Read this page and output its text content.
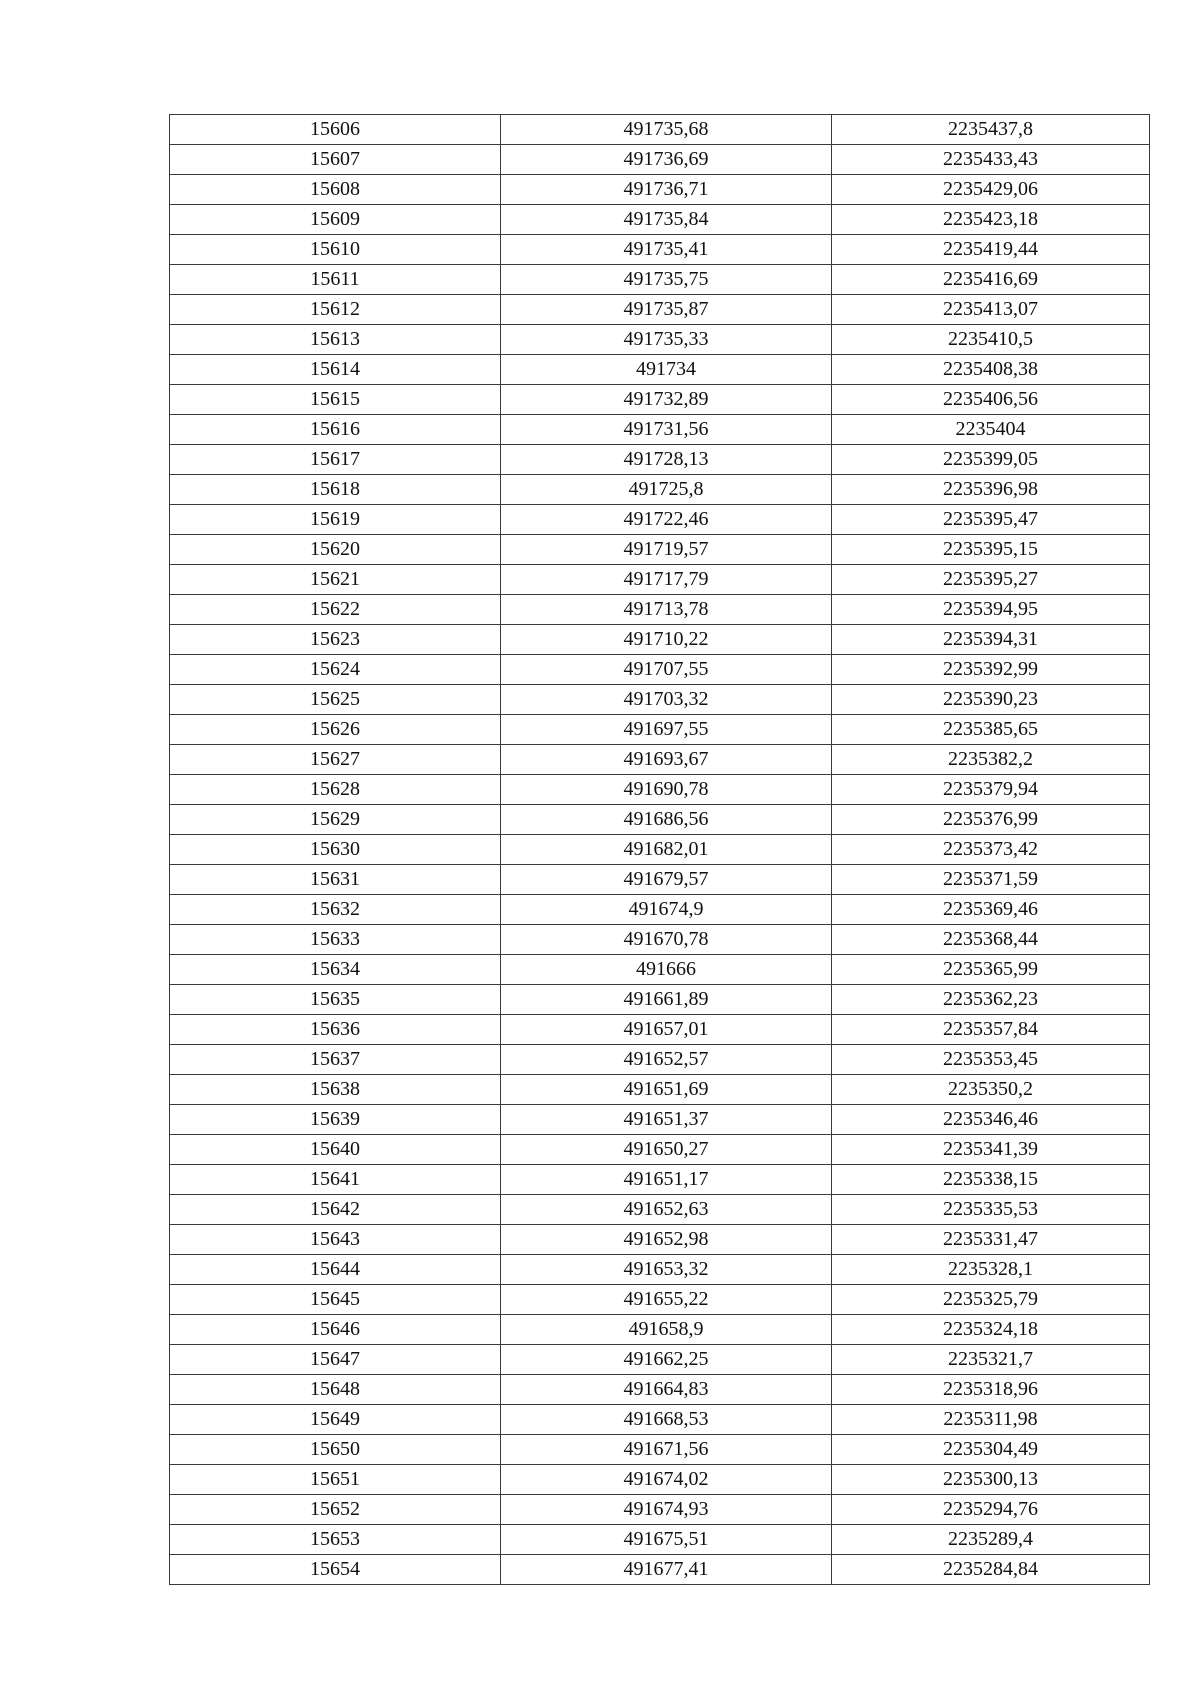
15606	491735,68	2235437,8
15607	491736,69	2235433,43
15608	491736,71	2235429,06
15609	491735,84	2235423,18
15610	491735,41	2235419,44
15611	491735,75	2235416,69
15612	491735,87	2235413,07
15613	491735,33	2235410,5
15614	491734	2235408,38
15615	491732,89	2235406,56
15616	491731,56	2235404
15617	491728,13	2235399,05
15618	491725,8	2235396,98
15619	491722,46	2235395,47
15620	491719,57	2235395,15
15621	491717,79	2235395,27
15622	491713,78	2235394,95
15623	491710,22	2235394,31
15624	491707,55	2235392,99
15625	491703,32	2235390,23
15626	491697,55	2235385,65
15627	491693,67	2235382,2
15628	491690,78	2235379,94
15629	491686,56	2235376,99
15630	491682,01	2235373,42
15631	491679,57	2235371,59
15632	491674,9	2235369,46
15633	491670,78	2235368,44
15634	491666	2235365,99
15635	491661,89	2235362,23
15636	491657,01	2235357,84
15637	491652,57	2235353,45
15638	491651,69	2235350,2
15639	491651,37	2235346,46
15640	491650,27	2235341,39
15641	491651,17	2235338,15
15642	491652,63	2235335,53
15643	491652,98	2235331,47
15644	491653,32	2235328,1
15645	491655,22	2235325,79
15646	491658,9	2235324,18
15647	491662,25	2235321,7
15648	491664,83	2235318,96
15649	491668,53	2235311,98
15650	491671,56	2235304,49
15651	491674,02	2235300,13
15652	491674,93	2235294,76
15653	491675,51	2235289,4
15654	491677,41	2235284,84
